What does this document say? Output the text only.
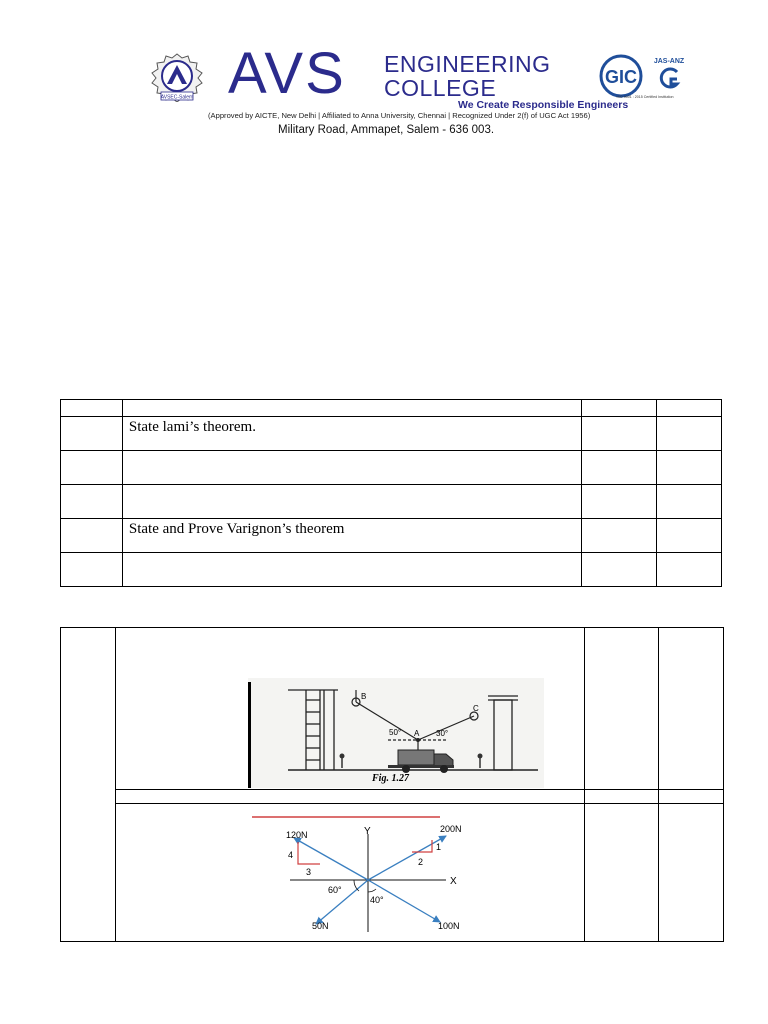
AVSEC-Salem AVS ENGINEERING
COLLEGE
We Create Responsible Engineers
(Approved by AICTE, New Delhi | Affiliated to Anna University, Chennai | Recognized Under 2(f) of UGC Act 1956)
Military Road, Ammapet, Salem - 636 003.
GIC
JAS-ANZ
ISO 9001 : 2015 Certified Institution

	State lami’s theorem.		

	State and Prove Varignon’s theorem		

B
C
A
50°	30°
Fig. 1.27
X
Y
4
3
1
2
60°
40°
120N
200N
50N	100N
